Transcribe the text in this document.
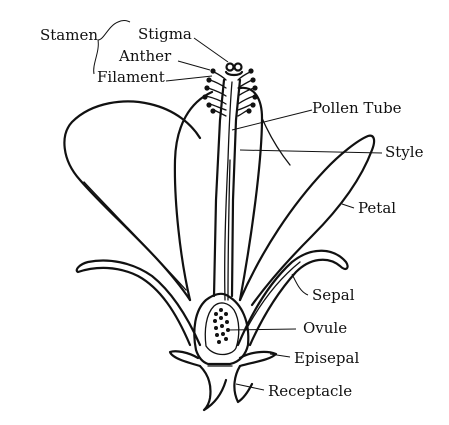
Stamen	Stigma
Anther
Filament
Pollen Tube
Style
Petal
Sepal
Ovule
Episepal
Receptacle
